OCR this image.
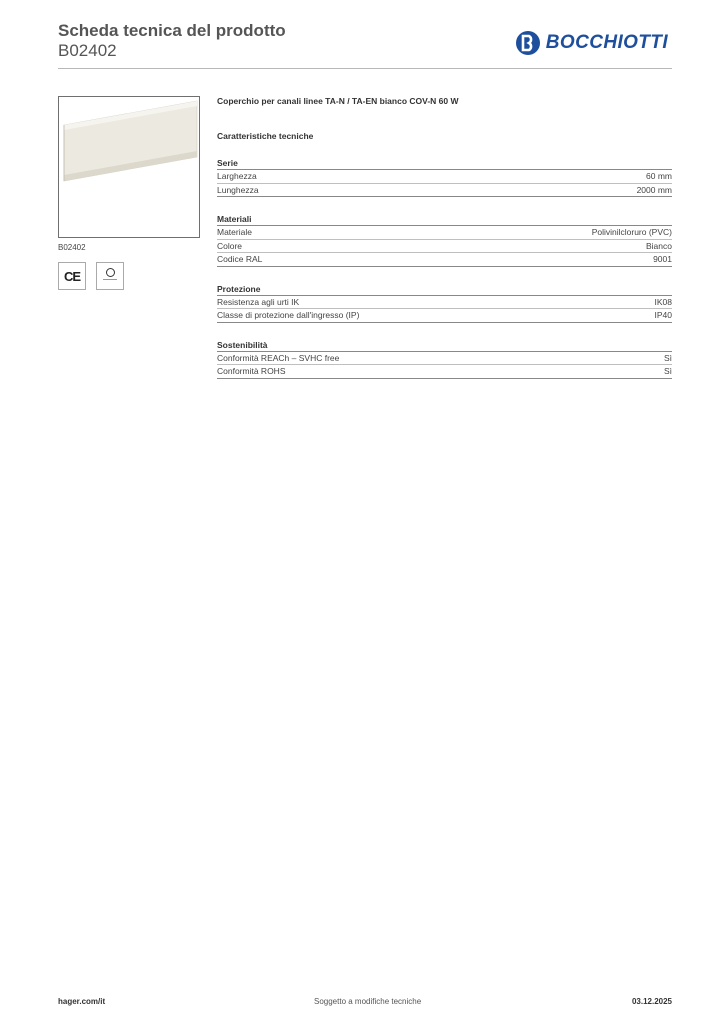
Scheda tecnica del prodotto
B02402	BOCCHIOTTI
B02402
CE
Coperchio per canali linee TA-N / TA-EN bianco COV-N 60 W
Caratteristiche tecniche
Serie
Larghezza	60 mm
Lunghezza	2000 mm
Materiali
Materiale	Polivinilcloruro (PVC)
Colore	Bianco
Codice RAL	9001
Protezione
Resistenza agli urti IK	IK08
Classe di protezione dall'ingresso (IP)	IP40
Sostenibilità
Conformità REACh – SVHC free	Sì
Conformità ROHS	Sì
hager.com/it	Soggetto a modifiche tecniche	03.12.2025
